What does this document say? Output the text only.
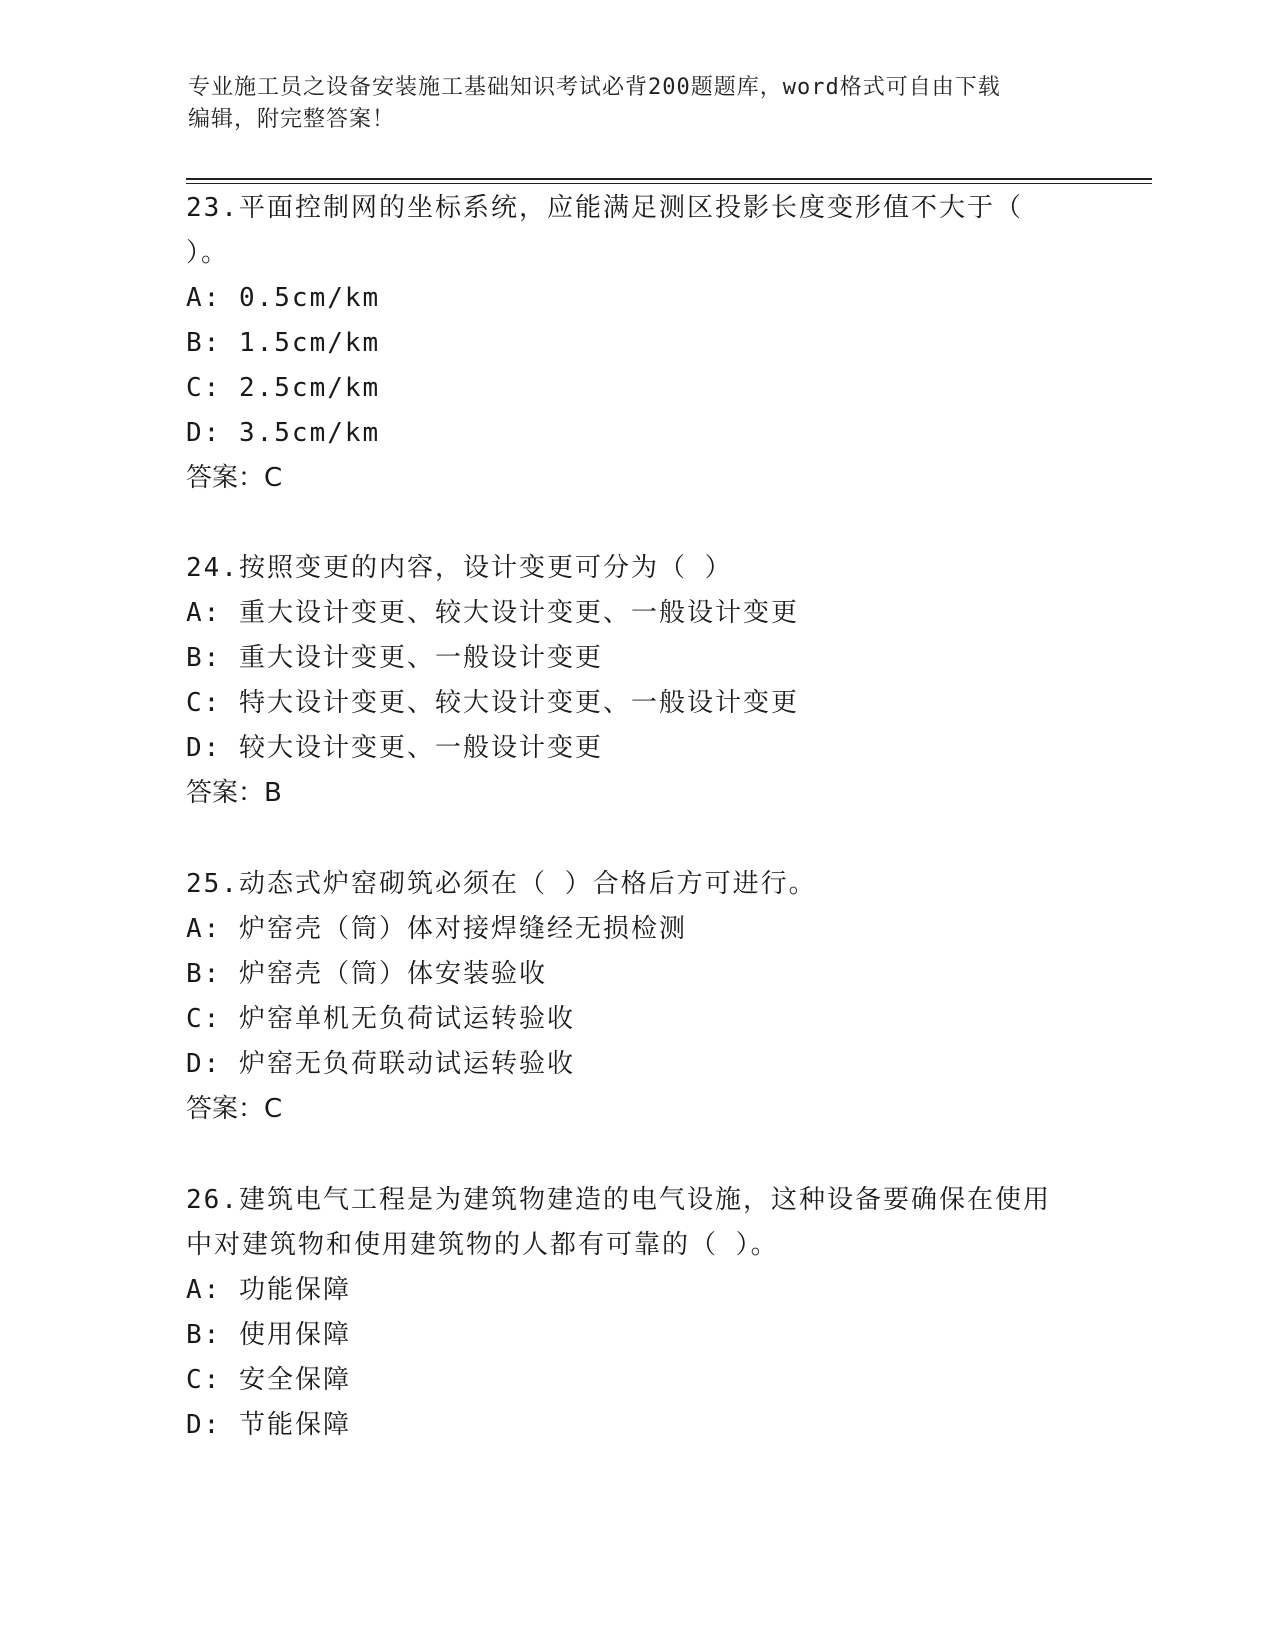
专业施工员之设备安装施工基础知识考试必背200题题库，word格式可自由下载
编辑，附完整答案！
23.平面控制网的坐标系统，应能满足测区投影长度变形值不大于（
）。
A: 0.5cm/km
B: 1.5cm/km
C: 2.5cm/km
D: 3.5cm/km
答案：C
24.按照变更的内容，设计变更可分为（ ）
A: 重大设计变更、较大设计变更、一般设计变更
B: 重大设计变更、一般设计变更
C: 特大设计变更、较大设计变更、一般设计变更
D: 较大设计变更、一般设计变更
答案：B
25.动态式炉窑砌筑必须在（ ）合格后方可进行。
A: 炉窑壳（筒）体对接焊缝经无损检测
B: 炉窑壳（筒）体安装验收
C: 炉窑单机无负荷试运转验收
D: 炉窑无负荷联动试运转验收
答案：C
26.建筑电气工程是为建筑物建造的电气设施，这种设备要确保在使用
中对建筑物和使用建筑物的人都有可靠的（ ）。
A: 功能保障
B: 使用保障
C: 安全保障
D: 节能保障
